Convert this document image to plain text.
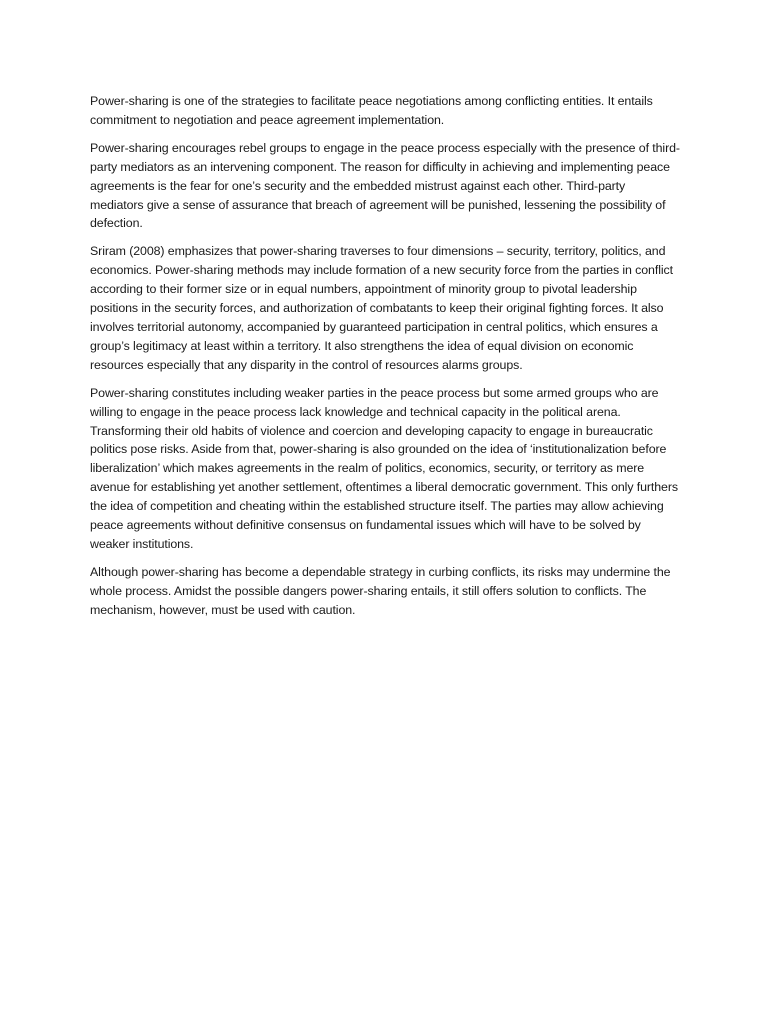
Power-sharing is one of the strategies to facilitate peace negotiations among conflicting entities. It entails commitment to negotiation and peace agreement implementation.

Power-sharing encourages rebel groups to engage in the peace process especially with the presence of third-party mediators as an intervening component. The reason for difficulty in achieving and implementing peace agreements is the fear for one’s security and the embedded mistrust against each other. Third-party mediators give a sense of assurance that breach of agreement will be punished, lessening the possibility of defection.

Sriram (2008) emphasizes that power-sharing traverses to four dimensions – security, territory, politics, and economics. Power-sharing methods may include formation of a new security force from the parties in conflict according to their former size or in equal numbers, appointment of minority group to pivotal leadership positions in the security forces, and authorization of combatants to keep their original fighting forces. It also involves territorial autonomy, accompanied by guaranteed participation in central politics, which ensures a group’s legitimacy at least within a territory. It also strengthens the idea of equal division on economic resources especially that any disparity in the control of resources alarms groups.

Power-sharing constitutes including weaker parties in the peace process but some armed groups who are willing to engage in the peace process lack knowledge and technical capacity in the political arena. Transforming their old habits of violence and coercion and developing capacity to engage in bureaucratic politics pose risks. Aside from that, power-sharing is also grounded on the idea of ‘institutionalization before liberalization’ which makes agreements in the realm of politics, economics, security, or territory as mere avenue for establishing yet another settlement, oftentimes a liberal democratic government. This only furthers the idea of competition and cheating within the established structure itself. The parties may allow achieving peace agreements without definitive consensus on fundamental issues which will have to be solved by weaker institutions.

Although power-sharing has become a dependable strategy in curbing conflicts, its risks may undermine the whole process. Amidst the possible dangers power-sharing entails, it still offers solution to conflicts. The mechanism, however, must be used with caution.
